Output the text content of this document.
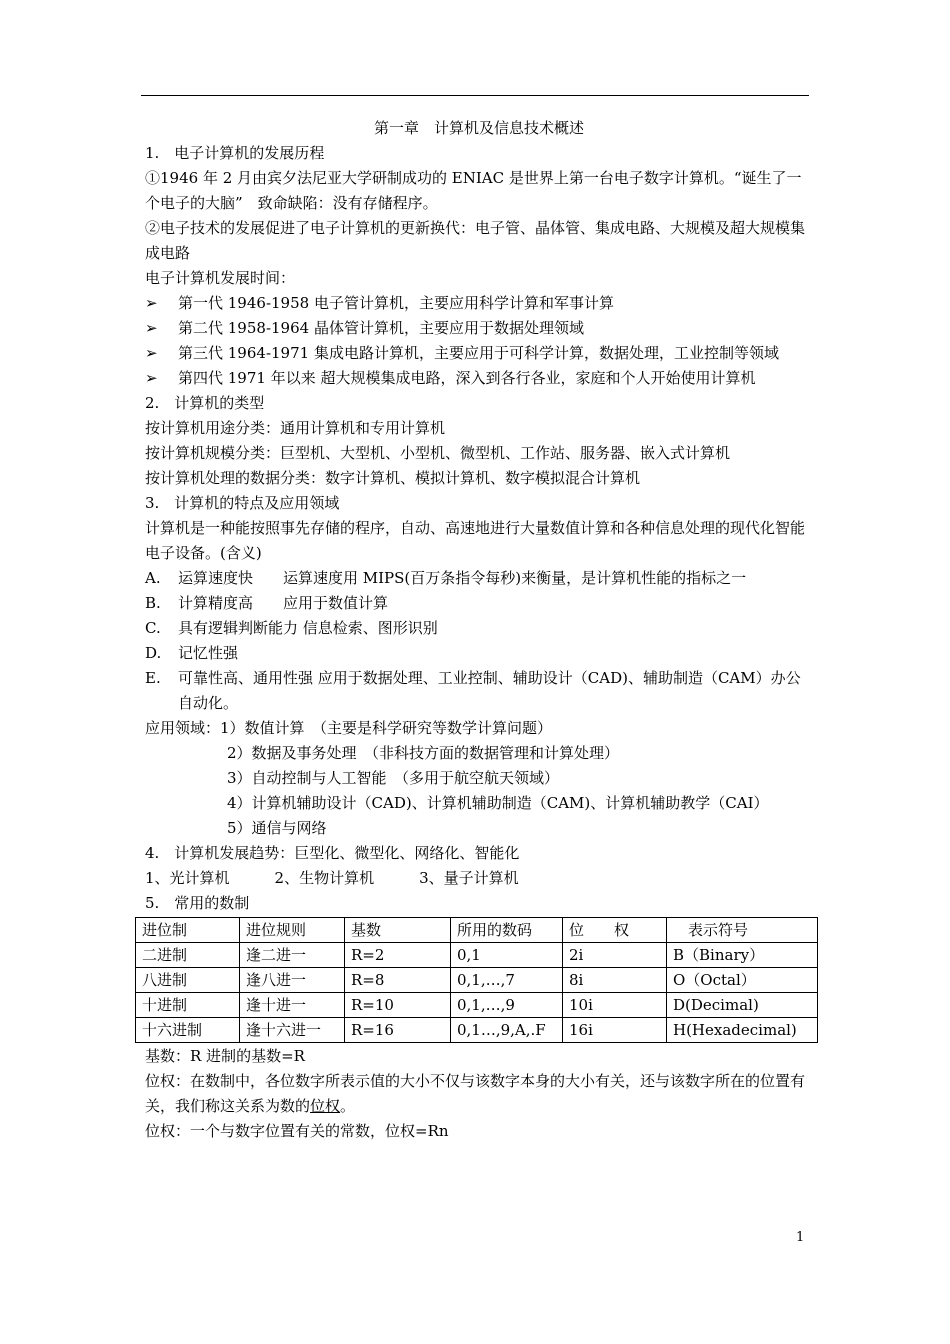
第一章　计算机及信息技术概述

1.　电子计算机的发展历程

①1946 年 2 月由宾夕法尼亚大学研制成功的 ENIAC 是世界上第一台电子数字计算机。“诞生了一个电子的大脑”　致命缺陷：没有存储程序。

②电子技术的发展促进了电子计算机的更新换代：电子管、晶体管、集成电路、大规模及超大规模集成电路

电子计算机发展时间：

➢	第一代 1946-1958 电子管计算机，主要应用科学计算和军事计算
➢	第二代 1958-1964 晶体管计算机，主要应用于数据处理领域
➢	第三代 1964-1971 集成电路计算机，主要应用于可科学计算，数据处理，工业控制等领域
➢	第四代 1971 年以来 超大规模集成电路，深入到各行各业，家庭和个人开始使用计算机

2.　计算机的类型

按计算机用途分类：通用计算机和专用计算机

按计算机规模分类：巨型机、大型机、小型机、微型机、工作站、服务器、嵌入式计算机

按计算机处理的数据分类：数字计算机、模拟计算机、数字模拟混合计算机

3.　计算机的特点及应用领域

计算机是一种能按照事先存储的程序，自动、高速地进行大量数值计算和各种信息处理的现代化智能电子设备。(含义)

A.	运算速度快　　运算速度用 MIPS(百万条指令每秒)来衡量，是计算机性能的指标之一
B.	计算精度高　　应用于数值计算
C.	具有逻辑判断能力 信息检索、图形识别
D.	记忆性强
E.	可靠性高、通用性强 应用于数据处理、工业控制、辅助设计（CAD)、辅助制造（CAM）办公自动化。

应用领域：1）数值计算　（主要是科学研究等数学计算问题）

2）数据及事务处理　（非科技方面的数据管理和计算处理）

3）自动控制与人工智能　（多用于航空航天领域）

4）计算机辅助设计（CAD)、计算机辅助制造（CAM)、计算机辅助教学（CAI）

5）通信与网络

4.　计算机发展趋势：巨型化、微型化、网络化、智能化

1、光计算机　　　2、生物计算机　　　3、量子计算机

5.　常用的数制

进位制	进位规则	基数	所用的数码	位　　权	　表示符号
二进制	逢二进一	R=2	0,1	2i	B（Binary）
八进制	逢八进一	R=8	0,1,…,7	8i	O（Octal）
十进制	逢十进一	R=10	0,1,…,9	10i	D(Decimal)
十六进制	逢十六进一	R=16	0,1…,9,A,.F	16i	H(Hexadecimal)

基数：R 进制的基数=R

位权：在数制中，各位数字所表示值的大小不仅与该数字本身的大小有关，还与该数字所在的位置有关，我们称这关系为数的位权。

位权：一个与数字位置有关的常数，位权=Rn

1
